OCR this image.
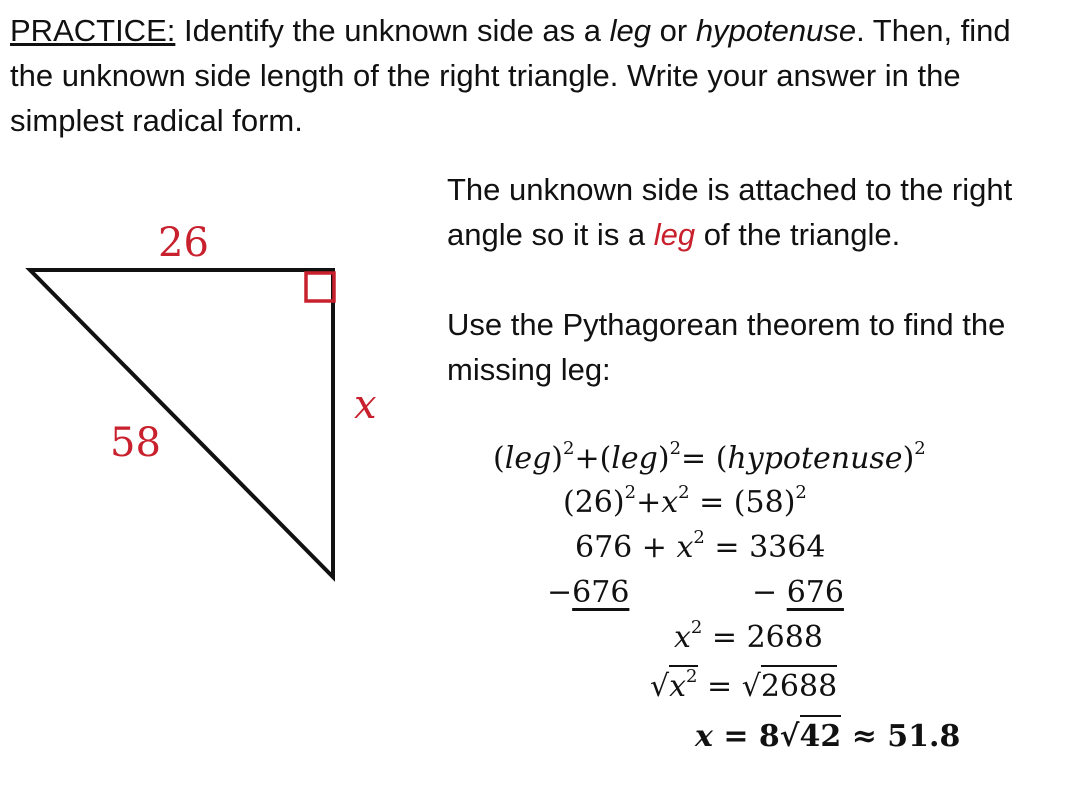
PRACTICE: Identify the unknown side as a leg or hypotenuse. Then, find the unknown side length of the right triangle. Write your answer in the simplest radical form.

26
58
x

The unknown side is attached to the right angle so it is a leg of the triangle.

Use the Pythagorean theorem to find the missing leg:

(leg)$^2$+(leg)$^2$= (hypotenuse)$^2$
$(26)^2+x^2 = (58)^2$
$676 + x^2 = 3364$
−676	− 676
$x^2 = 2688$
$√x^2 = √2688$
x = 8√42 ≈ 51.8
